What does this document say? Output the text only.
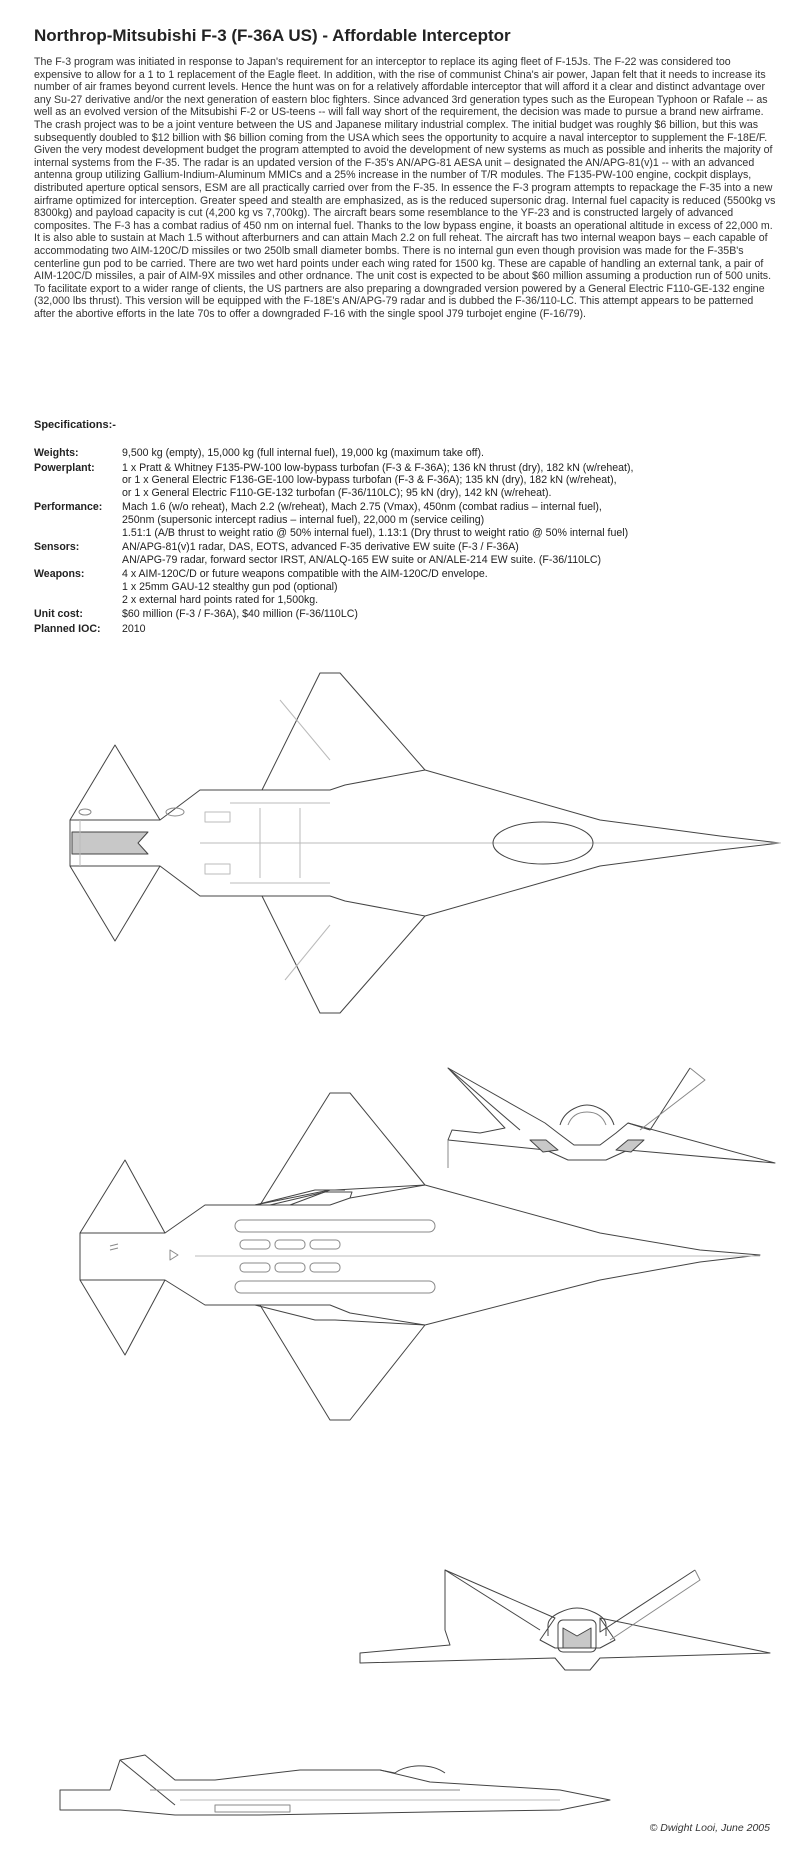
Northrop-Mitsubishi F-3 (F-36A US) - Affordable Interceptor

The F-3 program was initiated in response to Japan's requirement for an interceptor to replace its aging fleet of F-15Js. The F-22 was considered too expensive to allow for a 1 to 1 replacement of the Eagle fleet. In addition, with the rise of communist China's air power, Japan felt that it needs to increase its number of air frames beyond current levels. Hence the hunt was on for a relatively affordable interceptor that will afford it a clear and distinct advantage over any Su-27 derivative and/or the next generation of eastern bloc fighters. Since advanced 3rd generation types such as the European Typhoon or Rafale -- as well as an evolved version of the Mitsubishi F-2 or US-teens -- will fall way short of the requirement, the decision was made to pursue a brand new airframe. The crash project was to be a joint venture between the US and Japanese military industrial complex. The initial budget was roughly $6 billion, but this was subsequently doubled to $12 billion with $6 billion coming from the USA which sees the opportunity to acquire a naval interceptor to supplement the F-18E/F. Given the very modest development budget the program attempted to avoid the development of new systems as much as possible and inherits the majority of internal systems from the F-35. The radar is an updated version of the F-35's AN/APG-81 AESA unit – designated the AN/APG-81(v)1 -- with an advanced antenna group utilizing Gallium-Indium-Aluminum MMICs and a 25% increase in the number of T/R modules. The F135-PW-100 engine, cockpit displays, distributed aperture optical sensors, ESM are all practically carried over from the F-35. In essence the F-3 program attempts to repackage the F-35 into a new airframe optimized for interception. Greater speed and stealth are emphasized, as is the reduced supersonic drag. Internal fuel capacity is reduced (5500kg vs 8300kg) and payload capacity is cut (4,200 kg vs 7,700kg). The aircraft bears some resemblance to the YF-23 and is constructed largely of advanced composites. The F-3 has a combat radius of 450 nm on internal fuel. Thanks to the low bypass engine, it boasts an operational altitude in excess of 22,000 m. It is also able to sustain at Mach 1.5 without afterburners and can attain Mach 2.2 on full reheat. The aircraft has two internal weapon bays – each capable of accommodating two AIM-120C/D missiles or two 250lb small diameter bombs. There is no internal gun even though provision was made for the F-35B's centerline gun pod to be carried. There are two wet hard points under each wing rated for 1500 kg. These are capable of handling an external tank, a pair of AIM-120C/D missiles, a pair of AIM-9X missiles and other ordnance. The unit cost is expected to be about $60 million assuming a production run of 500 units. To facilitate export to a wider range of clients, the US partners are also preparing a downgraded version powered by a General Electric F110-GE-132 engine (32,000 lbs thrust). This version will be equipped with the F-18E's AN/APG-79 radar and is dubbed the F-36/110-LC. This attempt appears to be patterned after the abortive efforts in the late 70s to offer a downgraded F-16 with the single spool J79 turbojet engine (F-16/79).

Specifications:-
Weights:	9,500 kg (empty), 15,000 kg (full internal fuel), 19,000 kg (maximum take off).
Powerplant:	1 x Pratt & Whitney F135-PW-100 low-bypass turbofan (F-3 & F-36A); 136 kN thrust (dry), 182 kN (w/reheat),
or 1 x General Electric F136-GE-100 low-bypass turbofan (F-3 & F-36A); 135 kN (dry), 182 kN (w/reheat),
or 1 x General Electric F110-GE-132 turbofan (F-36/110LC); 95 kN (dry), 142 kN (w/reheat).
Performance:	Mach 1.6 (w/o reheat), Mach 2.2 (w/reheat), Mach 2.75 (Vmax), 450nm (combat radius – internal fuel),
250nm (supersonic intercept radius – internal fuel), 22,000 m (service ceiling)
1.51:1 (A/B thrust to weight ratio @ 50% internal fuel), 1.13:1 (Dry thrust to weight ratio @ 50% internal fuel)
Sensors:	AN/APG-81(v)1 radar, DAS, EOTS, advanced F-35 derivative EW suite (F-3 / F-36A)
AN/APG-79 radar, forward sector IRST, AN/ALQ-165 EW suite or AN/ALE-214 EW suite. (F-36/110LC)
Weapons:	4 x AIM-120C/D or future weapons compatible with the AIM-120C/D envelope.
1 x 25mm GAU-12 stealthy gun pod (optional)
2 x external hard points rated for 1,500kg.
Unit cost:	$60 million (F-3 / F-36A), $40 million (F-36/110LC)
Planned IOC:	2010
© Dwight Looi, June 2005
